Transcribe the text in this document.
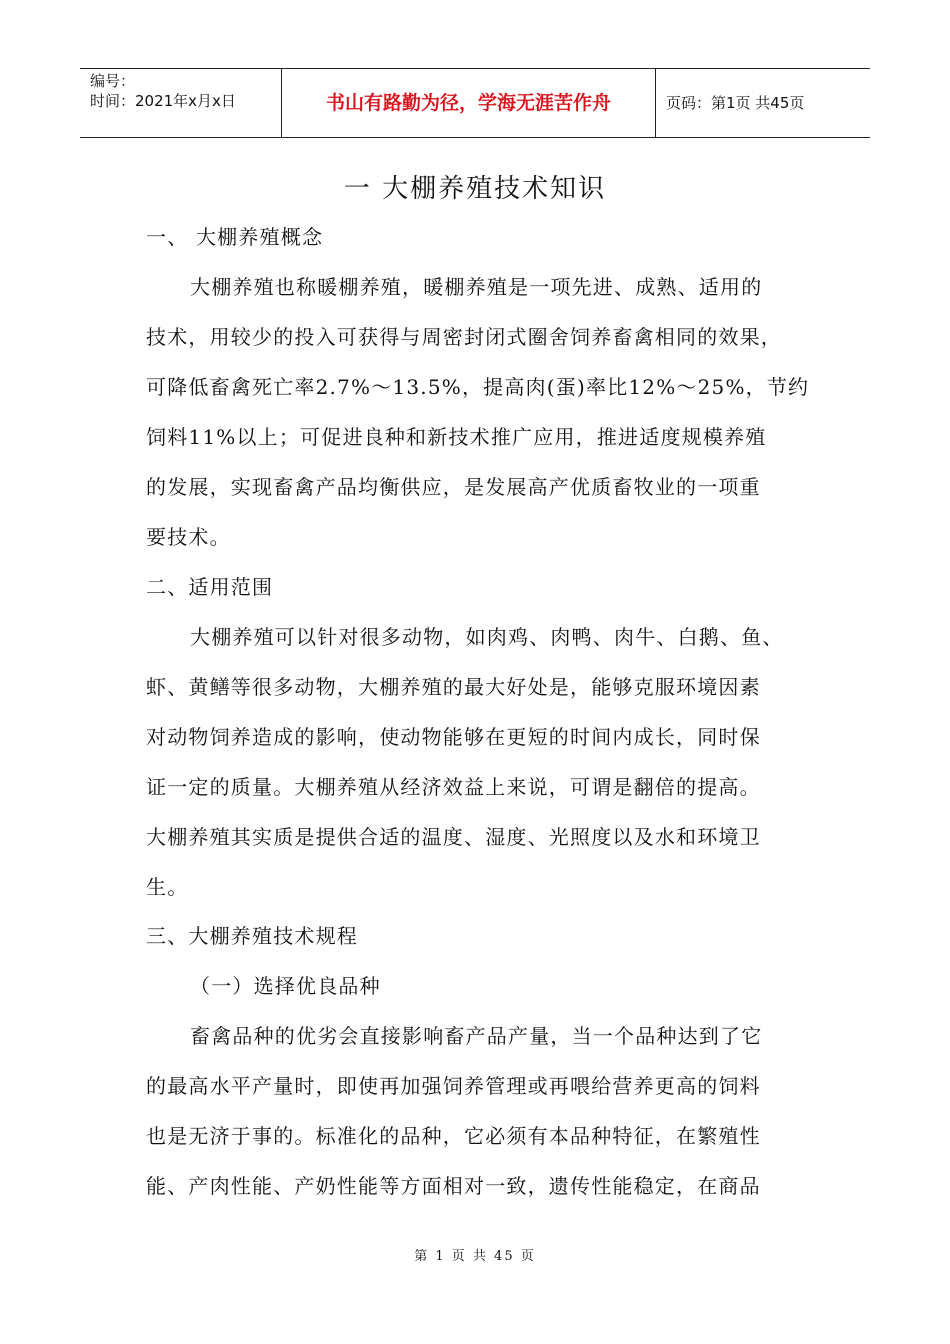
编号：
时间：2021年x月x日	书山有路勤为径，学海无涯苦作舟	页码：第1页 共45页
一 大棚养殖技术知识
一、 大棚养殖概念
大棚养殖也称暖棚养殖，暖棚养殖是一项先进、成熟、适用的
技术，用较少的投入可获得与周密封闭式圈舍饲养畜禽相同的效果，
可降低畜禽死亡率2.7%～13.5%，提高肉(蛋)率比12%～25%，节约
饲料11%以上；可促进良种和新技术推广应用，推进适度规模养殖
的发展，实现畜禽产品均衡供应，是发展高产优质畜牧业的一项重
要技术。
二、适用范围
大棚养殖可以针对很多动物，如肉鸡、肉鸭、肉牛、白鹅、鱼、
虾、黄鳝等很多动物，大棚养殖的最大好处是，能够克服环境因素
对动物饲养造成的影响，使动物能够在更短的时间内成长，同时保
证一定的质量。大棚养殖从经济效益上来说，可谓是翻倍的提高。
大棚养殖其实质是提供合适的温度、湿度、光照度以及水和环境卫
生。
三、大棚养殖技术规程
（一）选择优良品种
畜禽品种的优劣会直接影响畜产品产量，当一个品种达到了它
的最高水平产量时，即使再加强饲养管理或再喂给营养更高的饲料
也是无济于事的。标准化的品种，它必须有本品种特征，在繁殖性
能、产肉性能、产奶性能等方面相对一致，遗传性能稳定，在商品
第 1 页 共 45 页
